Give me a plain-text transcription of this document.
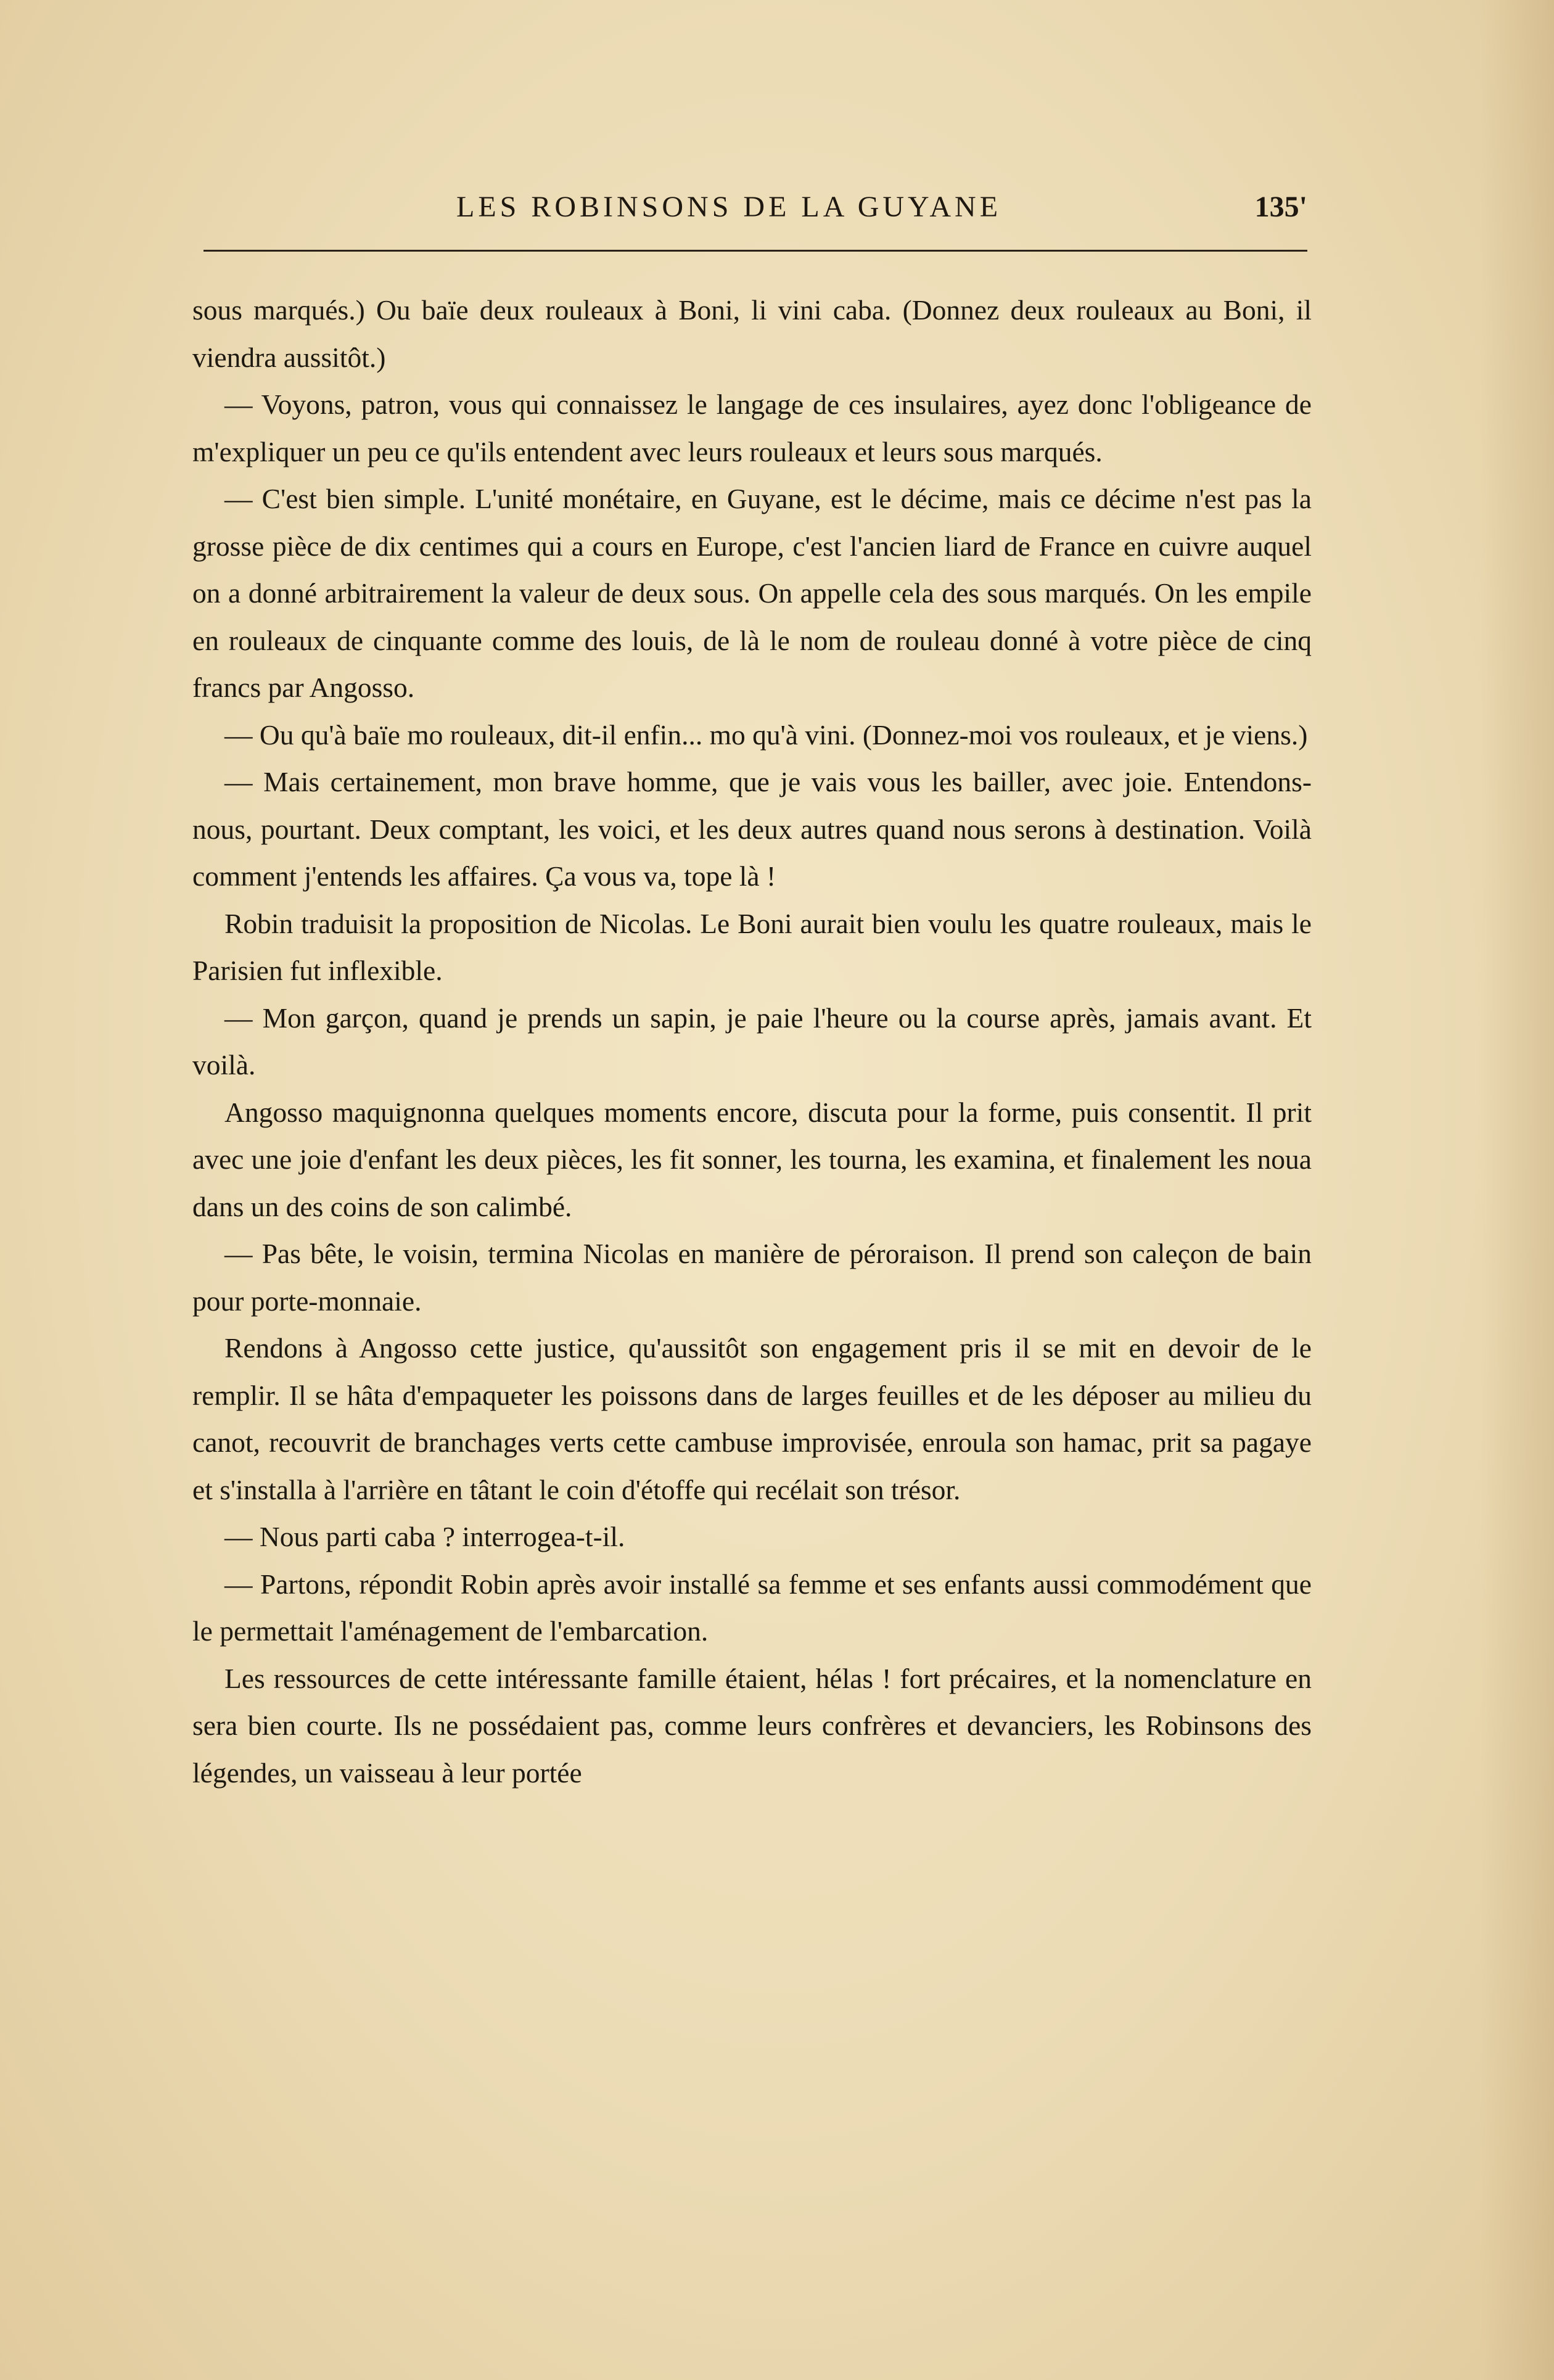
LES ROBINSONS DE LA GUYANE	135'

sous marqués.) Ou baïe deux rouleaux à Boni, li vini caba. (Donnez deux rouleaux au Boni, il viendra aussitôt.)

— Voyons, patron, vous qui connaissez le langage de ces insulaires, ayez donc l'obligeance de m'expliquer un peu ce qu'ils entendent avec leurs rouleaux et leurs sous marqués.

— C'est bien simple. L'unité monétaire, en Guyane, est le décime, mais ce décime n'est pas la grosse pièce de dix centimes qui a cours en Europe, c'est l'ancien liard de France en cuivre auquel on a donné arbitrairement la valeur de deux sous. On appelle cela des sous marqués. On les empile en rouleaux de cinquante comme des louis, de là le nom de rouleau donné à votre pièce de cinq francs par Angosso.

— Ou qu'à baïe mo rouleaux, dit-il enfin... mo qu'à vini. (Donnez-moi vos rouleaux, et je viens.)

— Mais certainement, mon brave homme, que je vais vous les bailler, avec joie. Entendons-nous, pourtant. Deux comptant, les voici, et les deux autres quand nous serons à destination. Voilà comment j'entends les affaires. Ça vous va, tope là !

Robin traduisit la proposition de Nicolas. Le Boni aurait bien voulu les quatre rouleaux, mais le Parisien fut inflexible.

— Mon garçon, quand je prends un sapin, je paie l'heure ou la course après, jamais avant. Et voilà.

Angosso maquignonna quelques moments encore, discuta pour la forme, puis consentit. Il prit avec une joie d'enfant les deux pièces, les fit sonner, les tourna, les examina, et finalement les noua dans un des coins de son calimbé.

— Pas bête, le voisin, termina Nicolas en manière de péroraison. Il prend son caleçon de bain pour porte-monnaie.

Rendons à Angosso cette justice, qu'aussitôt son engagement pris il se mit en devoir de le remplir. Il se hâta d'empaqueter les poissons dans de larges feuilles et de les déposer au milieu du canot, recouvrit de branchages verts cette cambuse improvisée, enroula son hamac, prit sa pagaye et s'installa à l'arrière en tâtant le coin d'étoffe qui recélait son trésor.

— Nous parti caba ? interrogea-t-il.

— Partons, répondit Robin après avoir installé sa femme et ses enfants aussi commodément que le permettait l'aménagement de l'embarcation.

Les ressources de cette intéressante famille étaient, hélas ! fort précaires, et la nomenclature en sera bien courte. Ils ne possédaient pas, comme leurs confrères et devanciers, les Robinsons des légendes, un vaisseau à leur portée
